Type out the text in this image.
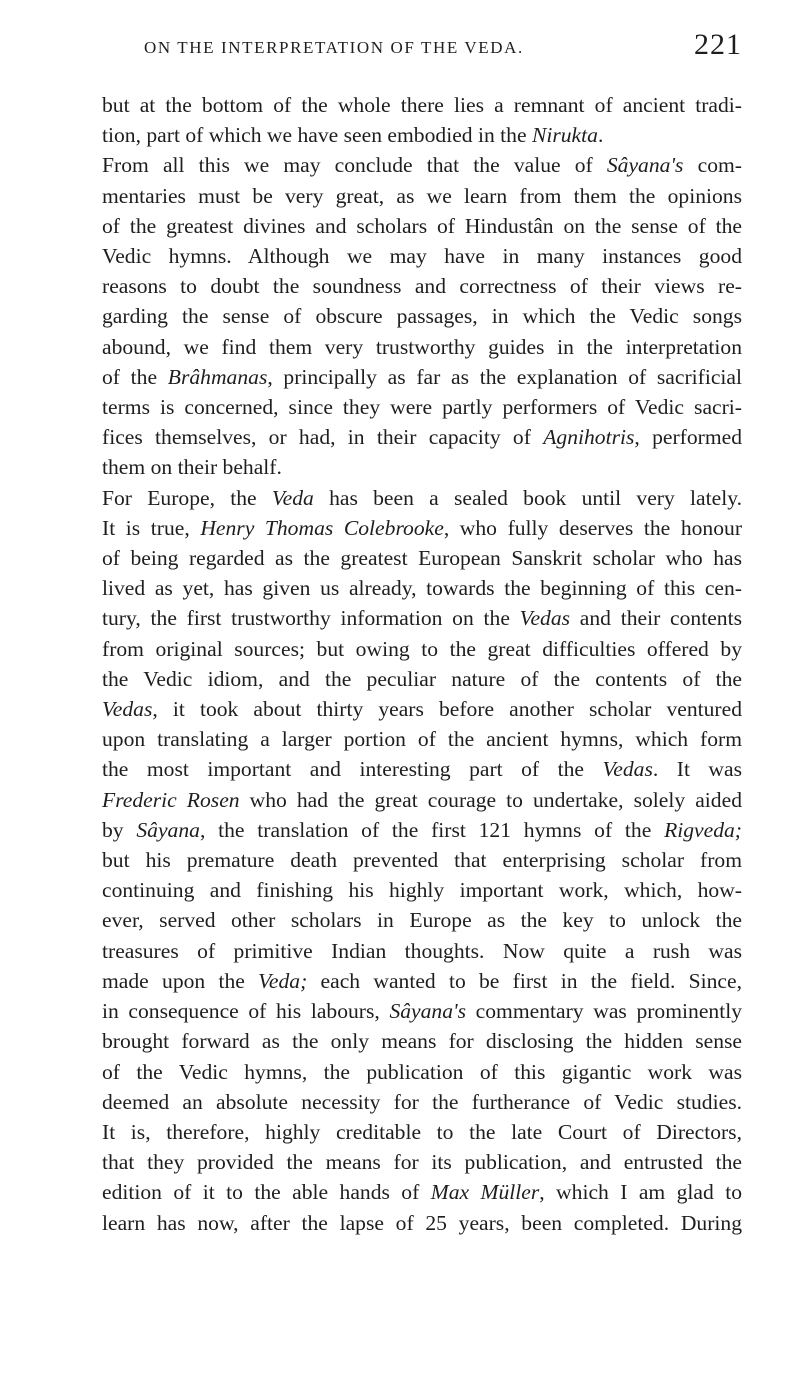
ON THE INTERPRETATION OF THE VEDA.	221

but at the bottom of the whole there lies a remnant of ancient tradi-
tion, part of which we have seen embodied in the Nirukta.

From all this we may conclude that the value of Sâyana's com-
mentaries must be very great, as we learn from them the opinions
of the greatest divines and scholars of Hindustân on the sense of the
Vedic hymns. Although we may have in many instances good
reasons to doubt the soundness and correctness of their views re-
garding the sense of obscure passages, in which the Vedic songs
abound, we find them very trustworthy guides in the interpretation
of the Brâhmanas, principally as far as the explanation of sacrificial
terms is concerned, since they were partly performers of Vedic sacri-
fices themselves, or had, in their capacity of Agnihotris, performed
them on their behalf.

For Europe, the Veda has been a sealed book until very lately.
It is true, Henry Thomas Colebrooke, who fully deserves the honour
of being regarded as the greatest European Sanskrit scholar who has
lived as yet, has given us already, towards the beginning of this cen-
tury, the first trustworthy information on the Vedas and their contents
from original sources; but owing to the great difficulties offered by
the Vedic idiom, and the peculiar nature of the contents of the
Vedas, it took about thirty years before another scholar ventured
upon translating a larger portion of the ancient hymns, which form
the most important and interesting part of the Vedas. It was
Frederic Rosen who had the great courage to undertake, solely aided
by Sâyana, the translation of the first 121 hymns of the Rigveda;
but his premature death prevented that enterprising scholar from
continuing and finishing his highly important work, which, how-
ever, served other scholars in Europe as the key to unlock the
treasures of primitive Indian thoughts. Now quite a rush was
made upon the Veda; each wanted to be first in the field. Since,
in consequence of his labours, Sâyana's commentary was prominently
brought forward as the only means for disclosing the hidden sense
of the Vedic hymns, the publication of this gigantic work was
deemed an absolute necessity for the furtherance of Vedic studies.
It is, therefore, highly creditable to the late Court of Directors,
that they provided the means for its publication, and entrusted the
edition of it to the able hands of Max Müller, which I am glad to
learn has now, after the lapse of 25 years, been completed. During
